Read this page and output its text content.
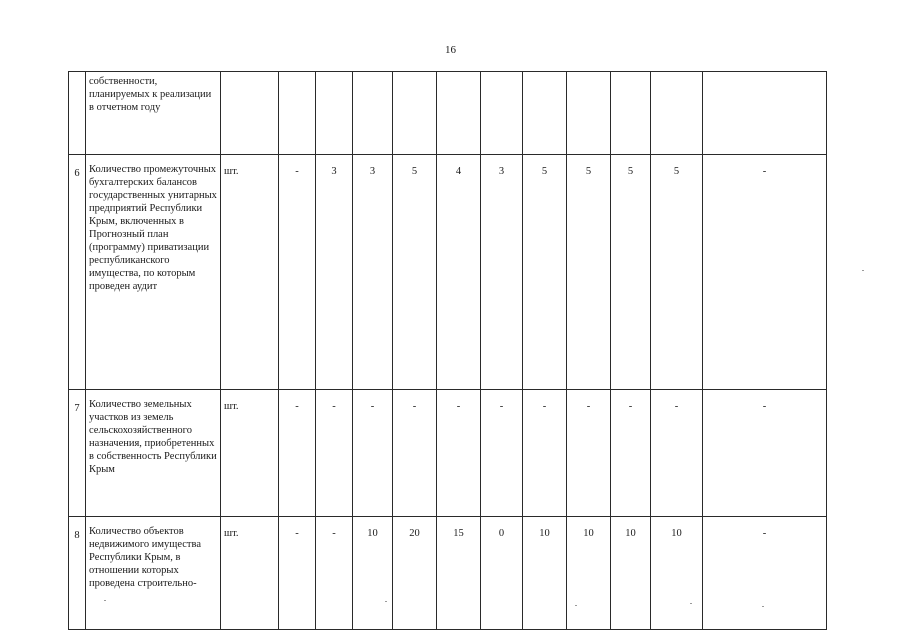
16
	собственности, планируемых к реализации в отчетном году												
6	Количество промежуточных бухгалтерских балансов государственных унитарных предприятий Республики Крым, включенных в Прогнозный план (программу) приватизации республиканского имущества, по которым проведен аудит	шт.	-	3	3	5	4	3	5	5	5	5	-
7	Количество земельных участков из земель сельскохозяйственного назначения, приобретенных в собственность Республики Крым	шт.	-	-	-	-	-	-	-	-	-	-	-
8	Количество объектов недвижимого имущества Республики Крым, в отношении которых проведена строительно-	шт.	-	-	10	20	15	0	10	10	10	10	-
